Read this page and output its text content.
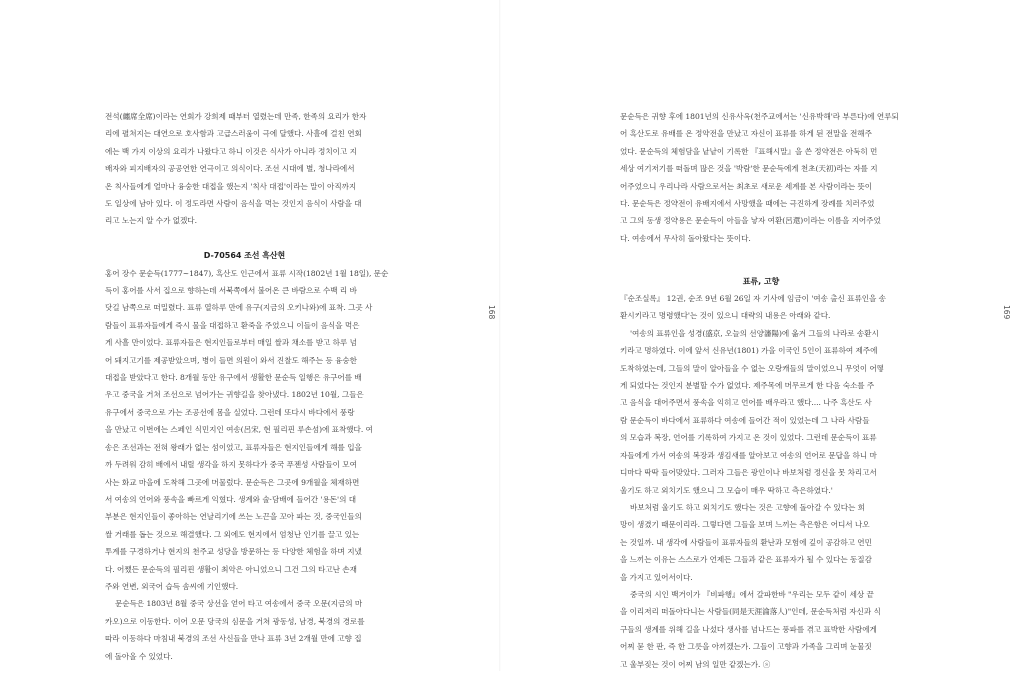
전석(纏席全席)이라는 연회가 강희제 때부터 열렸는데 만족, 한족의 요리가 한자
리에 펼쳐지는 대연으로 호사함과 고급스러움이 극에 달했다. 사흘에 걸친 연회
에는 백 가지 이상의 요리가 나왔다고 하니 이것은 식사가 아니라 정치이고 지
배자와 피지배자의 공공연한 연극이고 의식이다. 조선 시대에 별, 청나라에서
온 칙사들에게 얼마나 융숭한 대접을 했는지 '칙사 대접'이라는 말이 아직까지
도 일상에 남아 있다. 이 정도라면 사람이 음식을 먹는 것인지 음식이 사람을 대
리고 노는지 알 수가 없겠다.

D-70564 조선 흑산현

홍어 장수 문순득(1777~1847), 흑산도 인근에서 표류 시작(1802년 1월 18일), 문순
득이 홍어를 사서 집으로 향하는데 서북쪽에서 불어온 큰 바람으로 수백 리 바
닷길 남쪽으로 떠밀렸다. 표류 열하루 만에 유구(지금의 오키나와)에 표착. 그곳 사
람들이 표류자들에게 즉시 물을 대접하고 환죽을 주었으니 이들이 음식을 먹은
게 사흘 만이었다. 표류자들은 현지인들로부터 매일 쌀과 채소를 받고 하루 넘
어 돼지고기를 제공받았으며, 병이 들면 의원이 와서 진찰도 해주는 등 융숭한
대접을 받았다고 한다. 8개월 동안 유구에서 생활한 문순득 일행은 유구어를 배
우고 중국을 거쳐 조선으로 넘어가는 귀향길을 찾아냈다. 1802년 10월, 그들은
유구에서 중국으로 가는 조공선에 몸을 실었다. 그런데 또다시 바다에서 풍랑
을 만났고 이번에는 스페인 식민지인 여송(呂宋, 현 필리핀 루손섬)에 표착했다. 여
송은 조선과는 전혀 왕래가 없는 섬이었고, 표류자들은 현지인들에게 해를 입을
까 두려워 감히 배에서 내릴 생각을 하지 못하다가 중국 푸젠성 사람들이 모여
사는 화교 마을에 도착해 그곳에 머물렀다. 문순득은 그곳에 9개월을 체재하면
서 여송의 언어와 풍속을 빠르게 익혔다. 생계와 술·담배에 들어간 '용돈'의 대
부분은 현지인들이 좋아하는 연날리기에 쓰는 노끈을 꼬아 파는 것, 중국인들의
쌀 거래를 돕는 것으로 해결했다. 그 외에도 현지에서 엄청난 인기를 끌고 있는
투계를 구경하거나 현지의 천주교 성당을 방문하는 등 다양한 체험을 하며 지냈
다. 어쨌든 문순득의 필리핀 생활이 최악은 아니었으니 그건 그의 타고난 손재
주와 연변, 외국어 습득 솜씨에 기인했다.

문순득은 1803년 8월 중국 상선을 얻어 타고 여송에서 중국 오문(지금의 마
카오)으로 이동한다. 이어 오문 당국의 심문을 거쳐 광동성, 남경, 북경의 경로를
따라 이동하다 마침내 북경의 조선 사신들을 만나 표류 3년 2개월 만에 고향 집
에 돌아올 수 있었다.

168

문순득은 귀향 후에 1801년의 신유사옥(천주교에서는 '신유박해'라 부른다)에 연루되
어 흑산도로 유배를 온 정약전을 만났고 자신이 표류를 하게 된 전말을 전해주
었다. 문순득의 체험담을 낱낱이 기록한 『표해시말』을 쓴 정약전은 아둑히 먼
세상 여기저기를 떠돌며 많은 것을 '박람'한 문순득에게 천초(天初)라는 자를 지
어주었으니 우리나라 사람으로서는 최초로 새로운 세계를 본 사람이라는 뜻이
다. 문순득은 정약전이 유배지에서 사망했을 때에는 극진하게 장례를 치러주었
고 그의 동생 정약용은 문순득이 아들을 낳자 여환(呂還)이라는 이름을 지어주었
다. 여송에서 무사히 돌아왔다는 뜻이다.

표류, 고향

『순조실록』 12권, 순조 9년 6월 26일 자 기사에 임금이 '여송 출신 표류인을 송
환시키라고 명령했다'는 것이 있으니 대략의 내용은 아래와 같다.

'여송의 표류인을 성경(盛京, 오늘의 선양瀋陽)에 옮겨 그들의 나라로 송환시
키라고 명하였다. 이에 앞서 신유년(1801) 가을 이국인 5인이 표류하여 제주에
도착하였는데, 그들의 말이 알아들을 수 없는 오랑캐들의 말이었으니 무엇이 어떻
게 되었다는 것인지 분별할 수가 없었다. 제주목에 머무르게 한 다음 숙소를 주
고 음식을 대어주면서 풍속을 익히고 언어를 배우라고 했다.... 나주 흑산도 사
람 문순득이 바다에서 표류하다 여송에 들어간 적이 있었는데 그 나라 사람들
의 모습과 복장, 언어를 기록하여 가지고 온 것이 있었다. 그런데 문순득이 표류
자들에게 가서 여송의 복장과 생김새를 알아보고 여송의 언어로 문답을 하니 마
디마다 딱딱 들어맞았다. 그러자 그들은 광인이나 바보처럼 정신을 못 차리고서
울기도 하고 외치기도 했으니 그 모습이 매우 딱하고 측은하였다.'

바보처럼 울기도 하고 외치기도 했다는 것은 고향에 돌아갈 수 있다는 희
망이 생겼기 때문이리라. 그렇다면 그들을 보며 느끼는 측은함은 어디서 나오
는 것일까. 내 생각에 사람들이 표류자들의 환난과 모험에 깊이 공감하고 연민
을 느끼는 이유는 스스로가 언제든 그들과 같은 표류자가 될 수 있다는 동질감
을 가지고 있어서이다.

중국의 시인 백거이가 『비파행』에서 갈파한바 "우리는 모두 같이 세상 끝
을 이리저리 떠돌아다니는 사람들(同是天涯淪落人)"인데, 문순득처럼 자신과 식
구들의 생계를 위해 길을 나섰다 생사를 넘나드는 풍파를 겪고 표박한 사람에게
어찌 묻 한 판, 즉 한 그릇을 아끼겠는가. 그들이 고향과 가족을 그리며 눈물짓
고 울부짖는 것이 어찌 남의 일만 같겠는가. ⓢ

169
